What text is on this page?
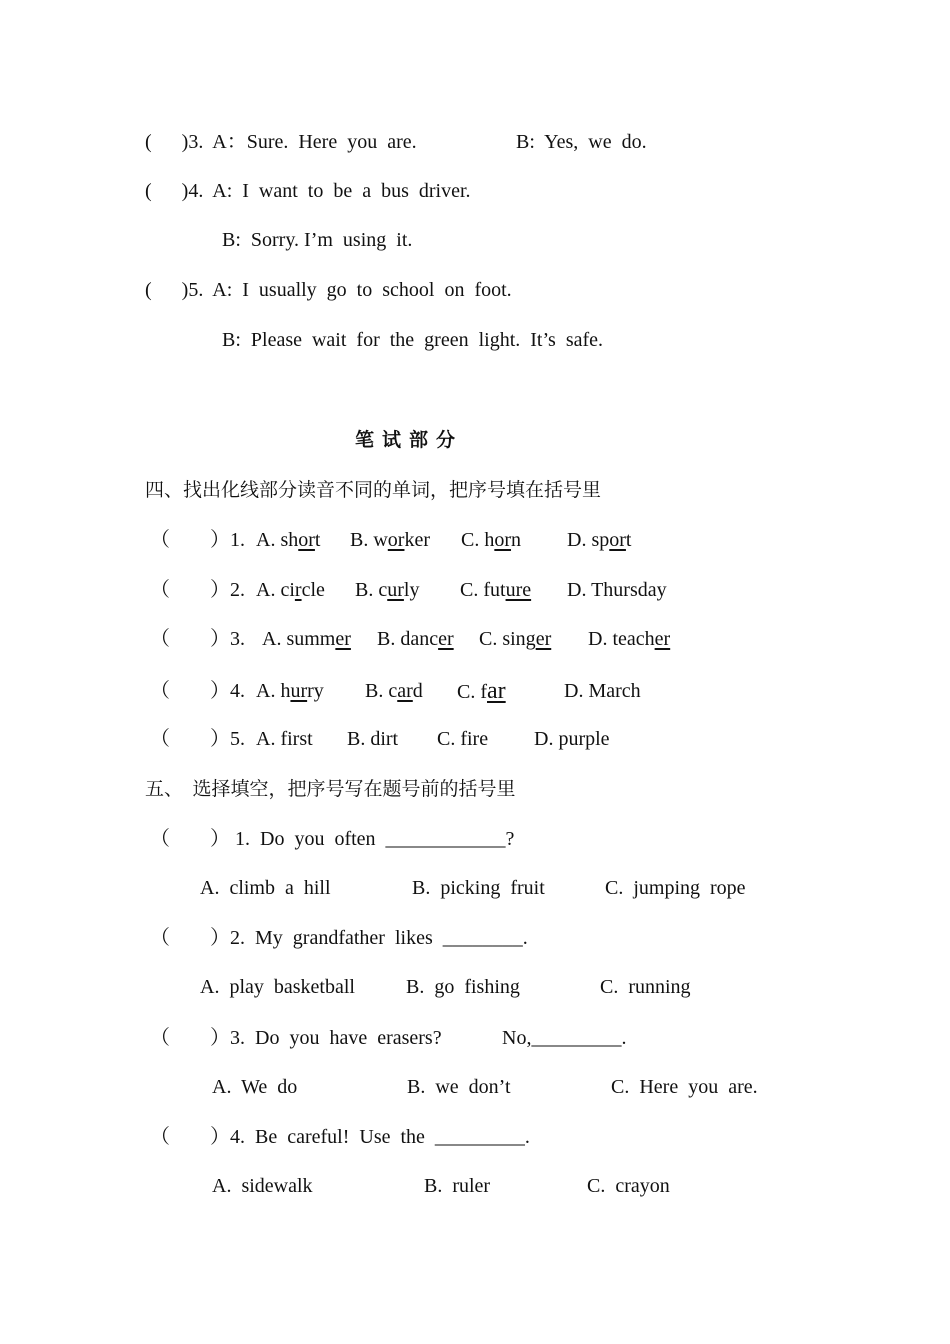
( )3. A：Sure.  Here  you  are.	B:  Yes,  we  do.
( )4. A:  I  want  to  be  a  bus  driver.
B:  Sorry. I’m  using  it.
( )5. A:  I  usually  go  to  school  on  foot.
B:  Please  wait  for  the  green  light.  It’s  safe.
笔试部分
四、找出化线部分读音不同的单词，把序号填在括号里
（　　）1. A. short B. worker C. horn D. sport
（　　）2. A. circle B. curly C. future D. Thursday
（　　）3. A. summer B. dancer C. singer D. teacher
（　　）4. A. hurry B. card C. far	D. March
（　　）5. A. first B. dirt C. fire D. purple
五、　选择填空，把序号写在题号前的括号里
（　　） 1.  Do  you  often  ____________?
A.  climb  a  hill	B.  picking  fruit	C.  jumping  rope
（　　）2.  My  grandfather  likes  ________.
A.  play  basketball	B.  go  fishing	C.  running
（　　）3.  Do  you  have  erasers?	No,_________.
A.  We  do	B.  we  don’t	C.  Here  you  are.
（　　）4.  Be  careful!  Use  the  _________.
A.  sidewalk	B.  ruler	C.  crayon
